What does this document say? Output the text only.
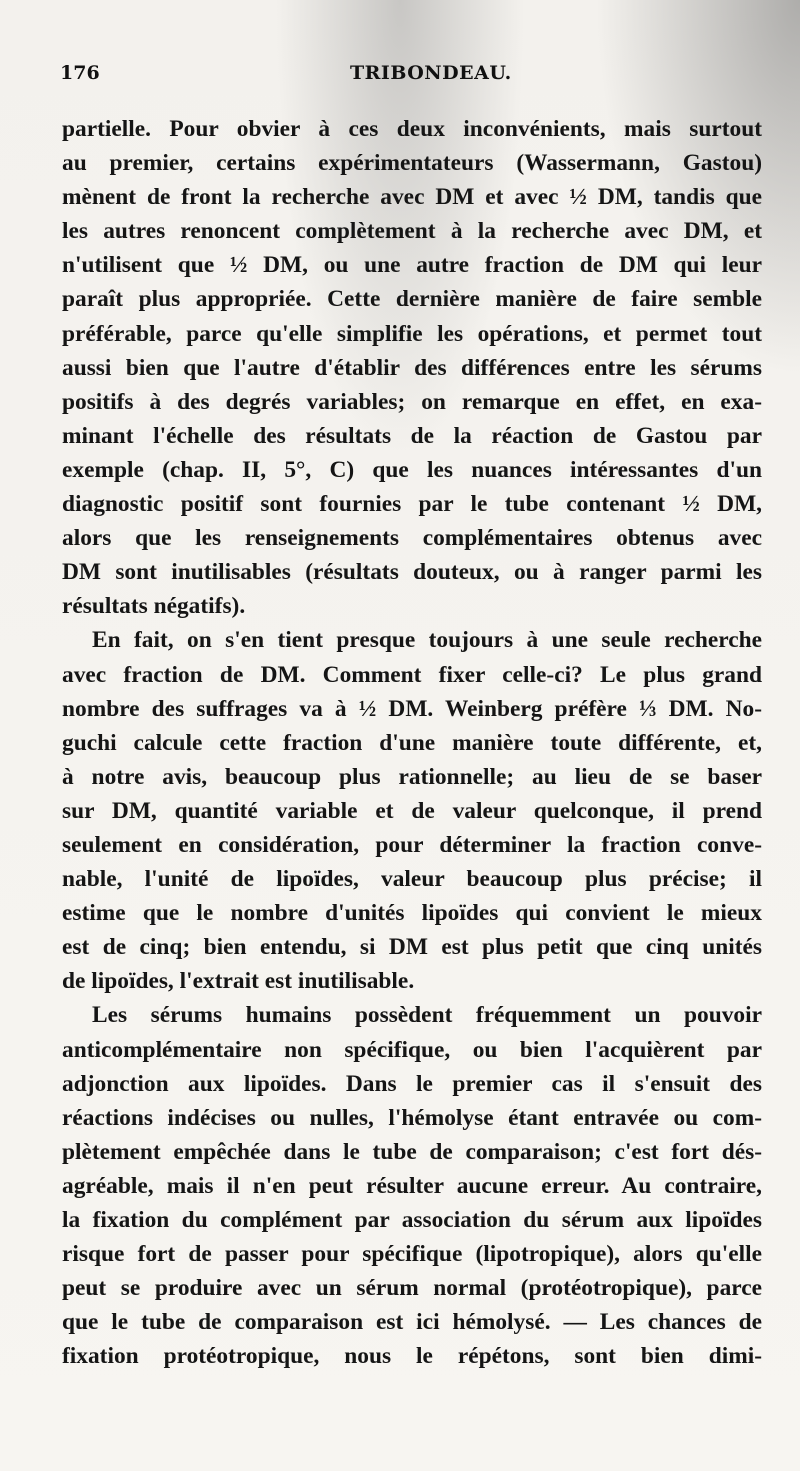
176	TRIBONDEAU.
partielle. Pour obvier à ces deux inconvénients, mais surtout
au premier, certains expérimentateurs (Wassermann, Gastou)
mènent de front la recherche avec DM et avec ½ DM, tandis que
les autres renoncent complètement à la recherche avec DM, et
n'utilisent que ½ DM, ou une autre fraction de DM qui leur
paraît plus appropriée. Cette dernière manière de faire semble
préférable, parce qu'elle simplifie les opérations, et permet tout
aussi bien que l'autre d'établir des différences entre les sérums
positifs à des degrés variables; on remarque en effet, en exa-
minant l'échelle des résultats de la réaction de Gastou par
exemple (chap. II, 5°, C) que les nuances intéressantes d'un
diagnostic positif sont fournies par le tube contenant ½ DM,
alors que les renseignements complémentaires obtenus avec
DM sont inutilisables (résultats douteux, ou à ranger parmi les
résultats négatifs).
En fait, on s'en tient presque toujours à une seule recherche
avec fraction de DM. Comment fixer celle-ci? Le plus grand
nombre des suffrages va à ½ DM. Weinberg préfère ⅓ DM. No-
guchi calcule cette fraction d'une manière toute différente, et,
à notre avis, beaucoup plus rationnelle; au lieu de se baser
sur DM, quantité variable et de valeur quelconque, il prend
seulement en considération, pour déterminer la fraction conve-
nable, l'unité de lipoïdes, valeur beaucoup plus précise; il
estime que le nombre d'unités lipoïdes qui convient le mieux
est de cinq; bien entendu, si DM est plus petit que cinq unités
de lipoïdes, l'extrait est inutilisable.
Les sérums humains possèdent fréquemment un pouvoir
anticomplémentaire non spécifique, ou bien l'acquièrent par
adjonction aux lipoïdes. Dans le premier cas il s'ensuit des
réactions indécises ou nulles, l'hémolyse étant entravée ou com-
plètement empêchée dans le tube de comparaison; c'est fort dés-
agréable, mais il n'en peut résulter aucune erreur. Au contraire,
la fixation du complément par association du sérum aux lipoïdes
risque fort de passer pour spécifique (lipotropique), alors qu'elle
peut se produire avec un sérum normal (protéotropique), parce
que le tube de comparaison est ici hémolysé. — Les chances de
fixation protéotropique, nous le répétons, sont bien dimi-
